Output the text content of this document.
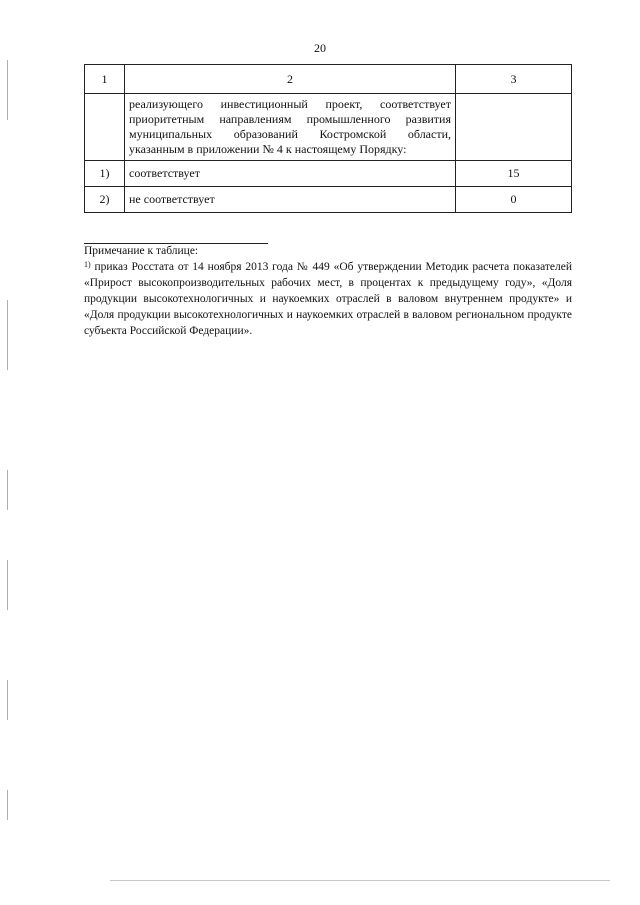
20
1	2	3
	реализующего инвестиционный проект, соответствует приоритетным направлениям промышленного развития муниципальных образований Костромской области, указанным в приложении № 4 к настоящему Порядку:	
1)	соответствует	15
2)	не соответствует	0
Примечание к таблице:
$^{1)}$ приказ Росстата от 14 ноября 2013 года № 449 «Об утверждении Методик расчета показателей «Прирост высокопроизводительных рабочих мест, в процентах к предыдущему году», «Доля продукции высокотехнологичных и наукоемких отраслей в валовом внутреннем продукте» и «Доля продукции высокотехнологичных и наукоемких отраслей в валовом региональном продукте субъекта Российской Федерации».
